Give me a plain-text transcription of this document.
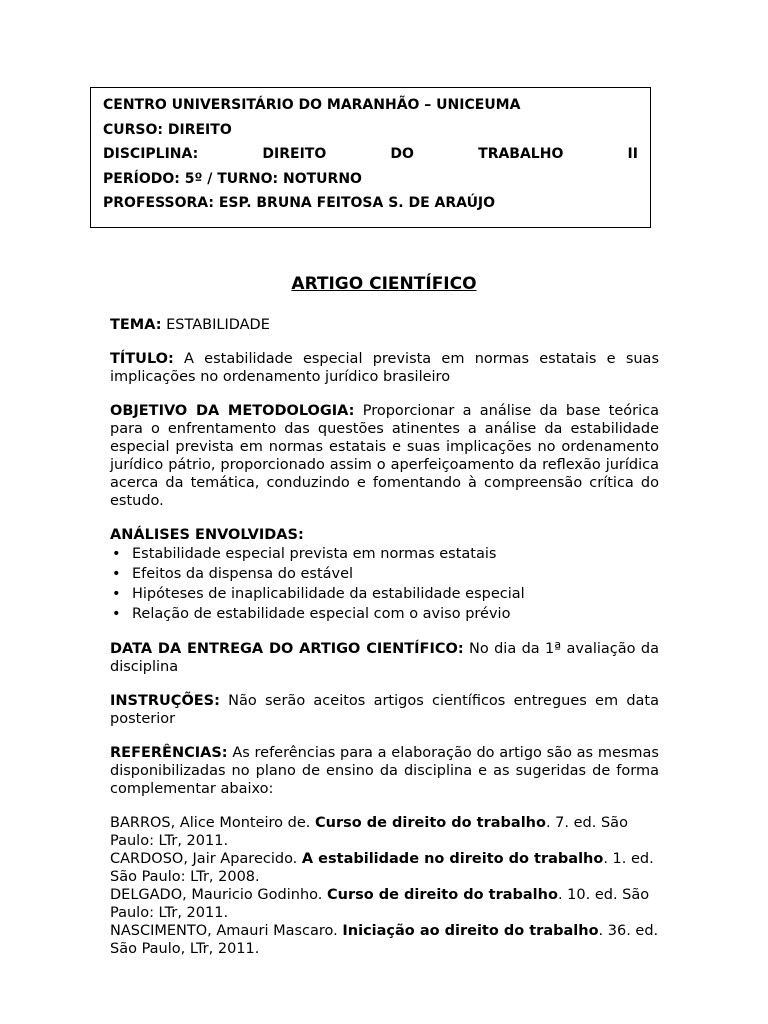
CENTRO UNIVERSITÁRIO DO MARANHÃO – UNICEUMA
CURSO: DIREITO
DISCIPLINA:	DIREITO	DO	TRABALHO	II
PERÍODO: 5º / TURNO: NOTURNO
PROFESSORA: ESP. BRUNA FEITOSA S. DE ARAÚJO
ARTIGO CIENTÍFICO

TEMA: ESTABILIDADE

TÍTULO: A estabilidade especial prevista em normas estatais e suas implicações no ordenamento jurídico brasileiro

OBJETIVO DA METODOLOGIA: Proporcionar a análise da base teórica para o enfrentamento das questões atinentes a análise da estabilidade especial prevista em normas estatais e suas implicações no ordenamento jurídico pátrio, proporcionado assim o aperfeiçoamento da reflexão jurídica acerca da temática, conduzindo e fomentando à compreensão crítica do estudo.

ANÁLISES ENVOLVIDAS:

• Estabilidade especial prevista em normas estatais
• Efeitos da dispensa do estável
• Hipóteses de inaplicabilidade da estabilidade especial
• Relação de estabilidade especial com o aviso prévio

DATA DA ENTREGA DO ARTIGO CIENTÍFICO: No dia da 1ª avaliação da disciplina

INSTRUÇÕES: Não serão aceitos artigos científicos entregues em data posterior

REFERÊNCIAS: As referências para a elaboração do artigo são as mesmas disponibilizadas no plano de ensino da disciplina e as sugeridas de forma complementar abaixo:

BARROS, Alice Monteiro de. Curso de direito do trabalho. 7. ed. São Paulo: LTr, 2011.

CARDOSO, Jair Aparecido. A estabilidade no direito do trabalho. 1. ed. São Paulo: LTr, 2008.

DELGADO, Mauricio Godinho. Curso de direito do trabalho. 10. ed. São Paulo: LTr, 2011.

NASCIMENTO, Amauri Mascaro. Iniciação ao direito do trabalho. 36. ed. São Paulo, LTr, 2011.
